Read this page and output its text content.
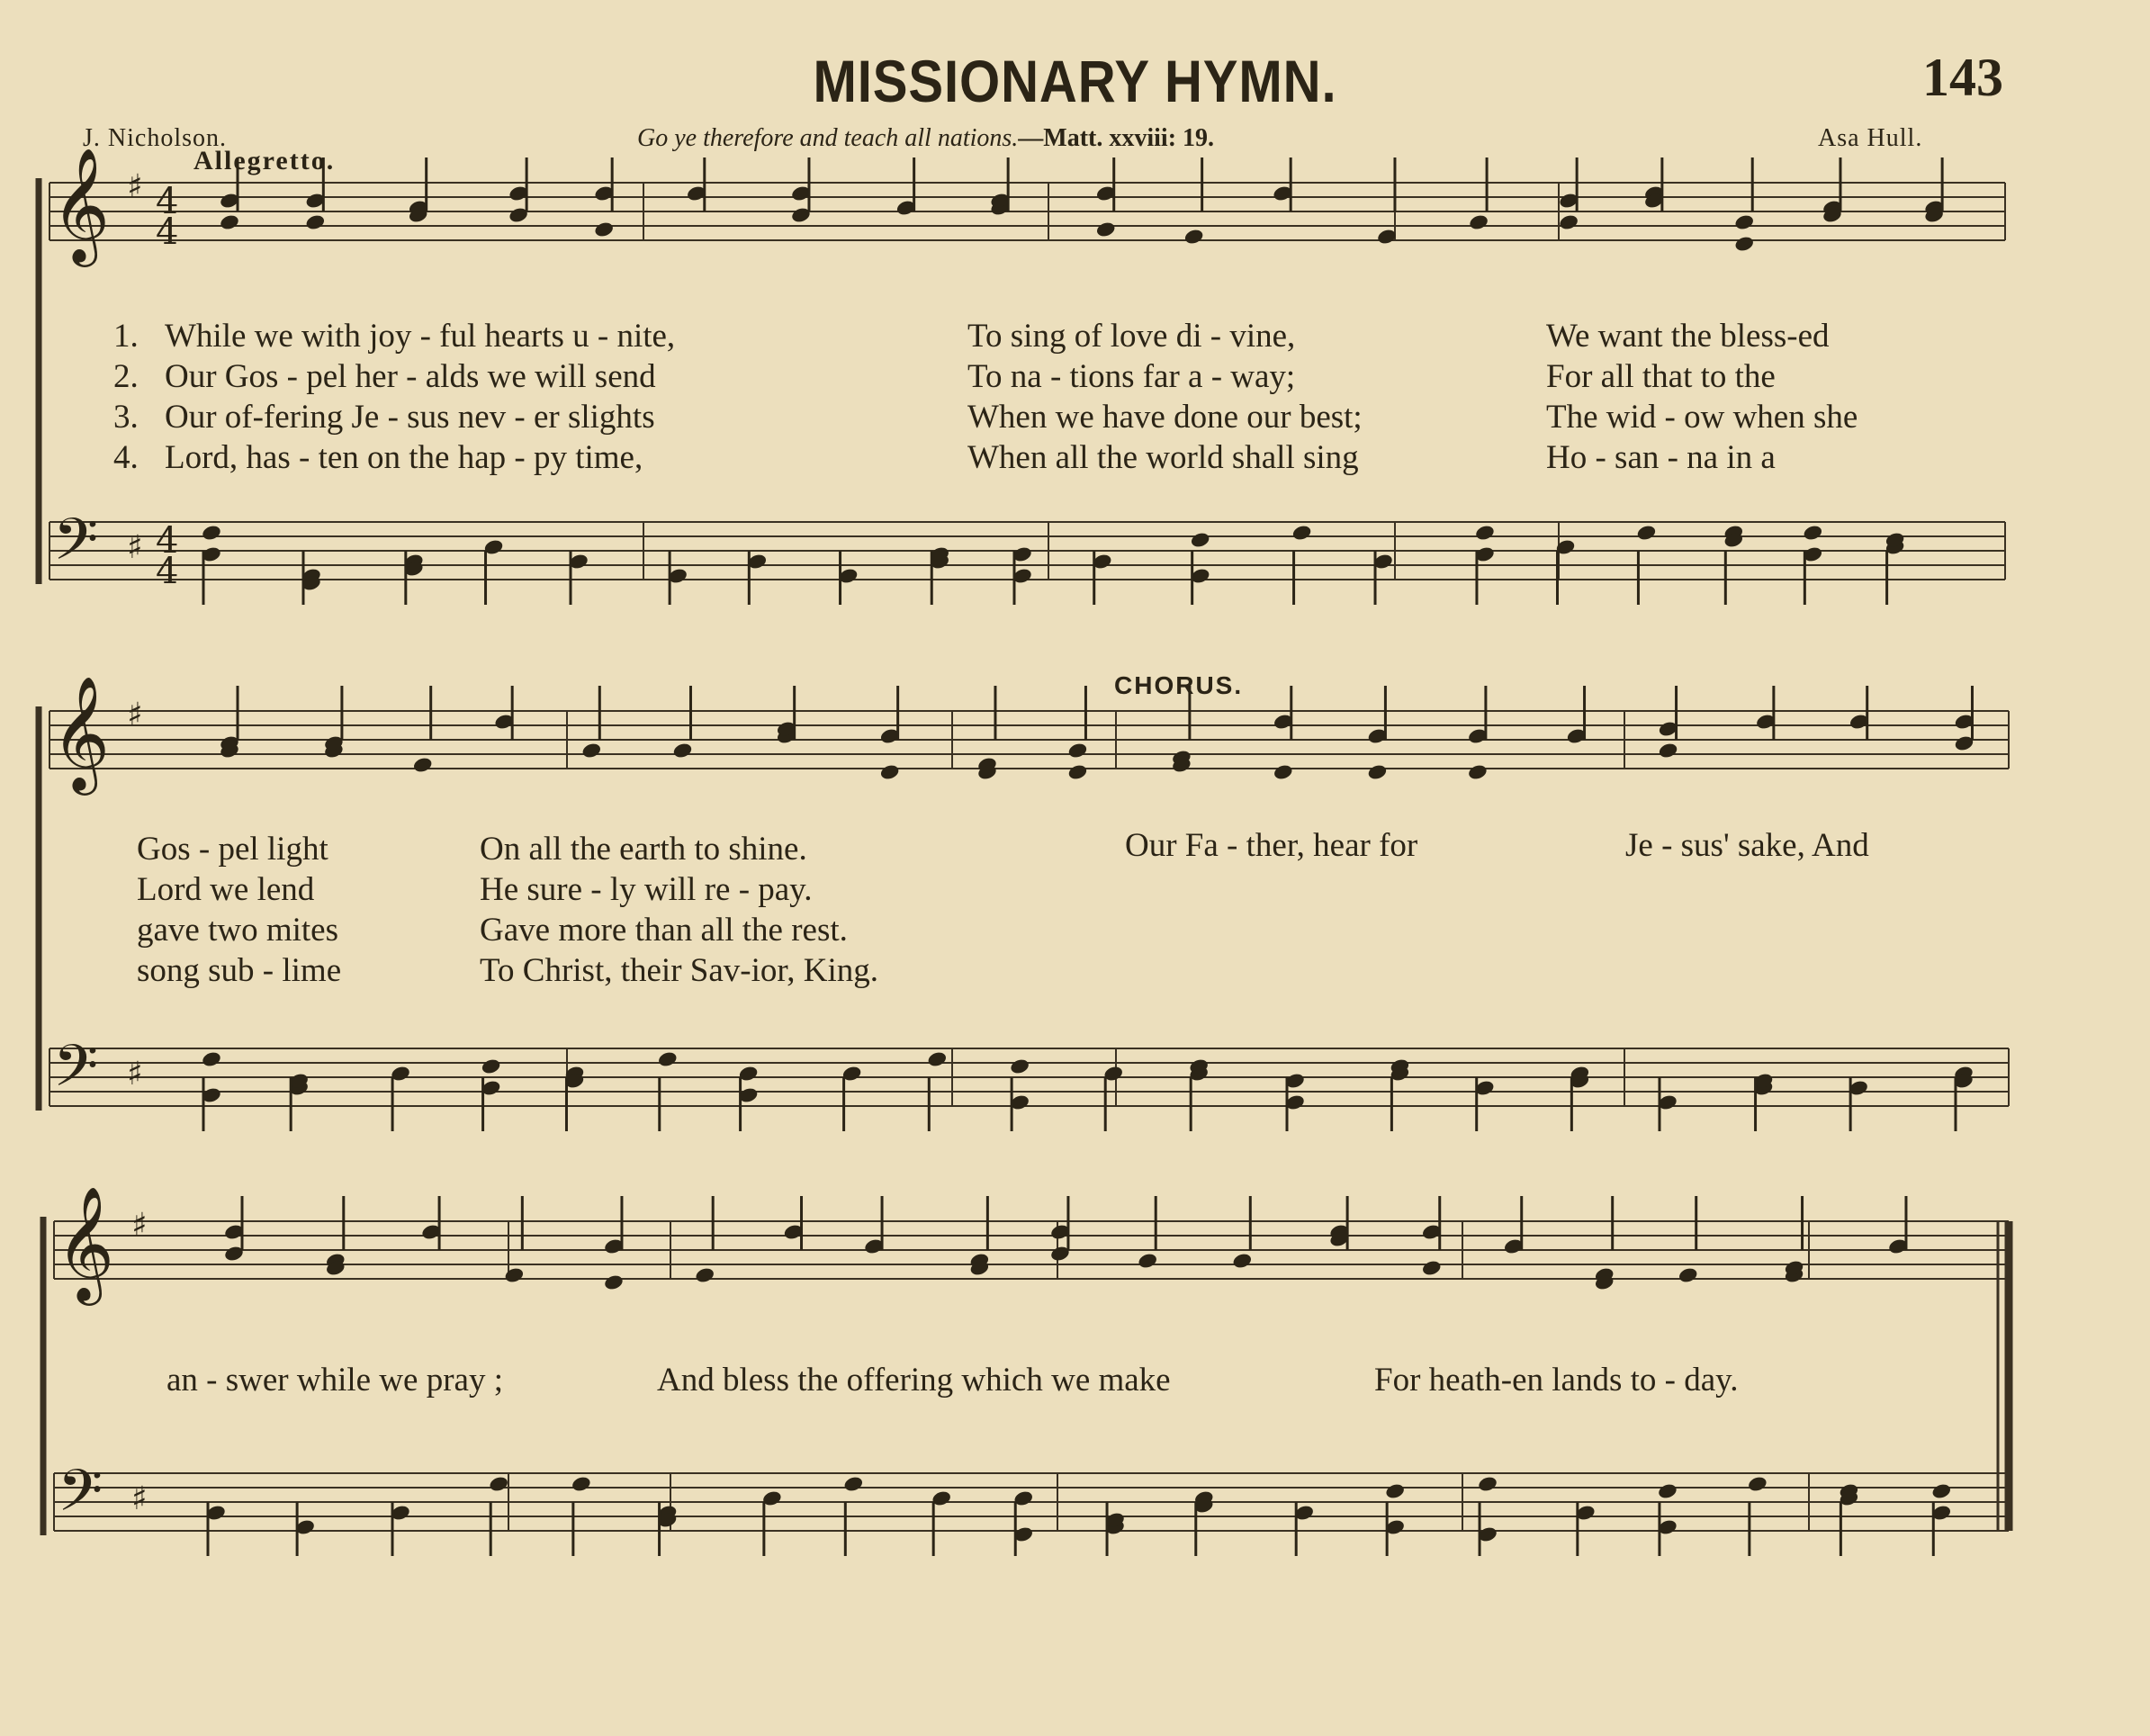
MISSIONARY HYMN.	143
J. Nicholson.	Go ye therefore and teach all nations.—Matt. xxviii: 19.	Asa Hull.
Allegretto.
CHORUS.
𝄞 ♯ 4
4
𝄢 ♯ 4
4
𝄞 ♯
𝄢 ♯
𝄞 ♯
𝄢 ♯
1. While we with joy - ful hearts u - nite,	To sing of love di - vine,	We want the bless-ed
2. Our Gos - pel her - alds we will send	To na - tions far a - way;	For all that to the
3. Our of-fering Je - sus nev - er slights	When we have done our best;	The wid - ow when she
4. Lord, has - ten on the hap - py time,	When all the world shall sing	Ho - san - na in a
Gos - pel light	On all the earth to shine.
Lord we lend	He sure - ly will re - pay.
gave two mites	Gave more than all the rest.
song sub - lime	To Christ, their Sav-ior, King.
Our Fa - ther, hear for	Je - sus' sake, And
an - swer while we pray ;	And bless the offering which we make	For heath-en lands to - day.
